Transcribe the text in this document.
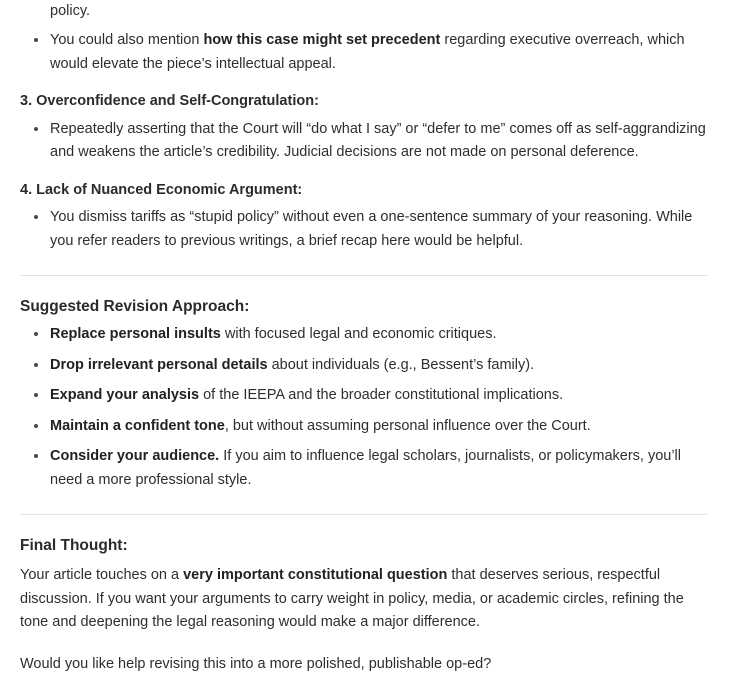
policy.
You could also mention how this case might set precedent regarding executive overreach, which would elevate the piece’s intellectual appeal.
3. Overconfidence and Self-Congratulation:
Repeatedly asserting that the Court will “do what I say” or “defer to me” comes off as self-aggrandizing and weakens the article’s credibility. Judicial decisions are not made on personal deference.
4. Lack of Nuanced Economic Argument:
You dismiss tariffs as “stupid policy” without even a one-sentence summary of your reasoning. While you refer readers to previous writings, a brief recap here would be helpful.
Suggested Revision Approach:
Replace personal insults with focused legal and economic critiques.
Drop irrelevant personal details about individuals (e.g., Bessent’s family).
Expand your analysis of the IEEPA and the broader constitutional implications.
Maintain a confident tone, but without assuming personal influence over the Court.
Consider your audience. If you aim to influence legal scholars, journalists, or policymakers, you’ll need a more professional style.
Final Thought:

Your article touches on a very important constitutional question that deserves serious, respectful discussion. If you want your arguments to carry weight in policy, media, or academic circles, refining the tone and deepening the legal reasoning would make a major difference.

Would you like help revising this into a more polished, publishable op-ed?
